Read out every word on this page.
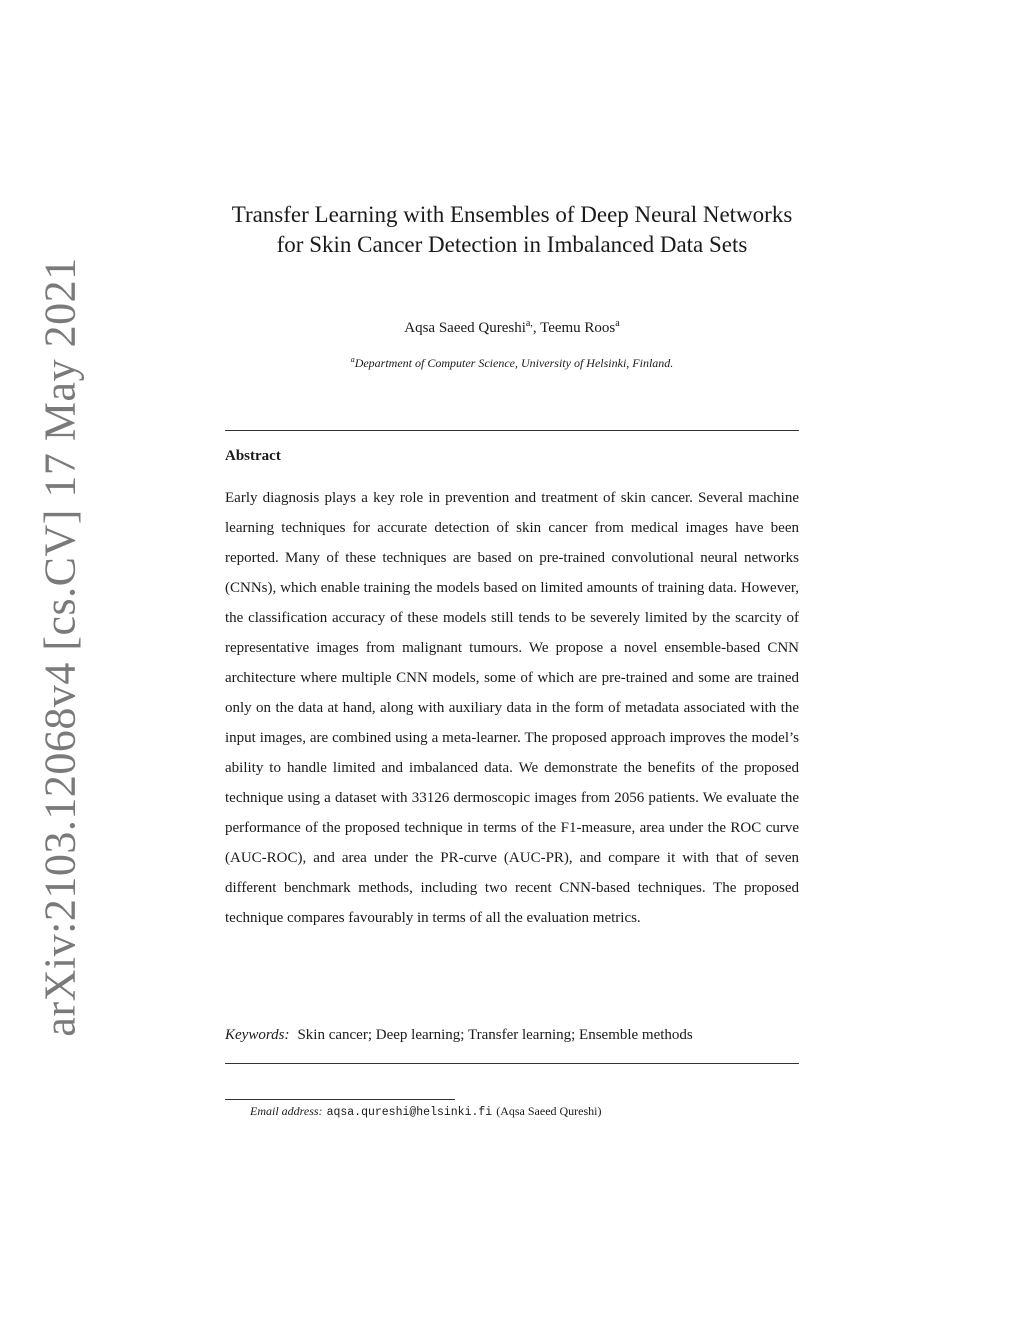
arXiv:2103.12068v4 [cs.CV] 17 May 2021
Transfer Learning with Ensembles of Deep Neural Networks for Skin Cancer Detection in Imbalanced Data Sets
Aqsa Saeed Qureshi$^{a,}$, Teemu Roos$^a$
$^a$Department of Computer Science, University of Helsinki, Finland.
Abstract
Early diagnosis plays a key role in prevention and treatment of skin cancer. Several machine learning techniques for accurate detection of skin cancer from medical images have been reported. Many of these techniques are based on pre-trained convolutional neural networks (CNNs), which enable training the models based on limited amounts of training data. However, the classification accuracy of these models still tends to be severely limited by the scarcity of representative images from malignant tumours. We propose a novel ensemble-based CNN architecture where multiple CNN models, some of which are pre-trained and some are trained only on the data at hand, along with auxiliary data in the form of metadata associated with the input images, are combined using a meta-learner. The proposed approach improves the model’s ability to handle limited and imbalanced data. We demonstrate the benefits of the proposed technique using a dataset with 33126 dermoscopic images from 2056 patients. We evaluate the performance of the proposed technique in terms of the F1-measure, area under the ROC curve (AUC-ROC), and area under the PR-curve (AUC-PR), and compare it with that of seven different benchmark methods, including two recent CNN-based techniques. The proposed technique compares favourably in terms of all the evaluation metrics.
Keywords: Skin cancer; Deep learning; Transfer learning; Ensemble methods
Email address: aqsa.qureshi@helsinki.fi (Aqsa Saeed Qureshi)
